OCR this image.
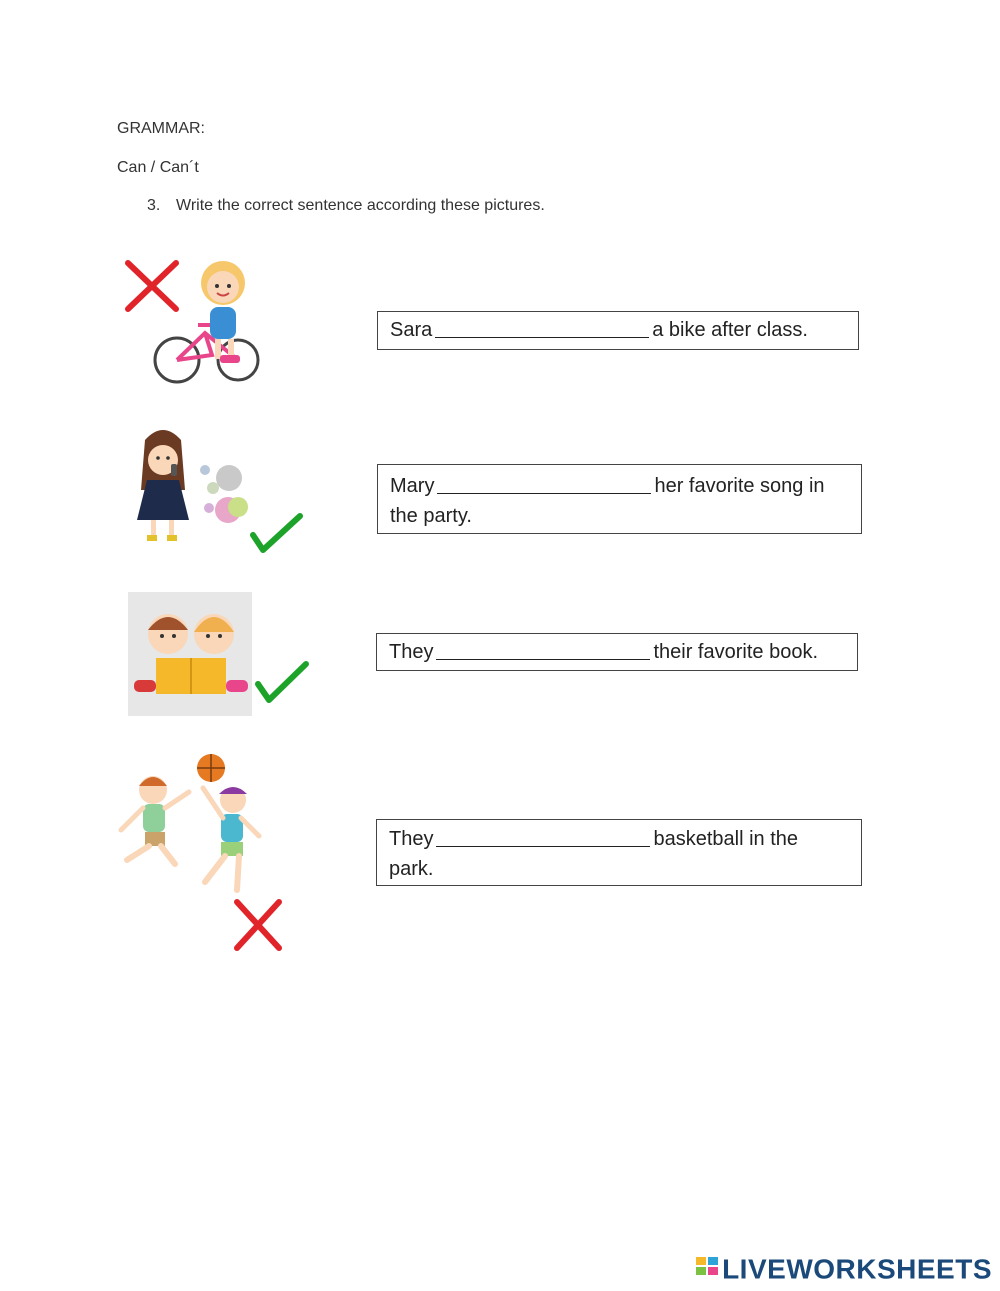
GRAMMAR:
Can / Can´t
3. Write the correct sentence according these pictures.
Sara	a bike after class.
Mary	her favorite song in
the party.
They	their favorite book.
They	basketball in the
park.
LIVEWORKSHEETS
